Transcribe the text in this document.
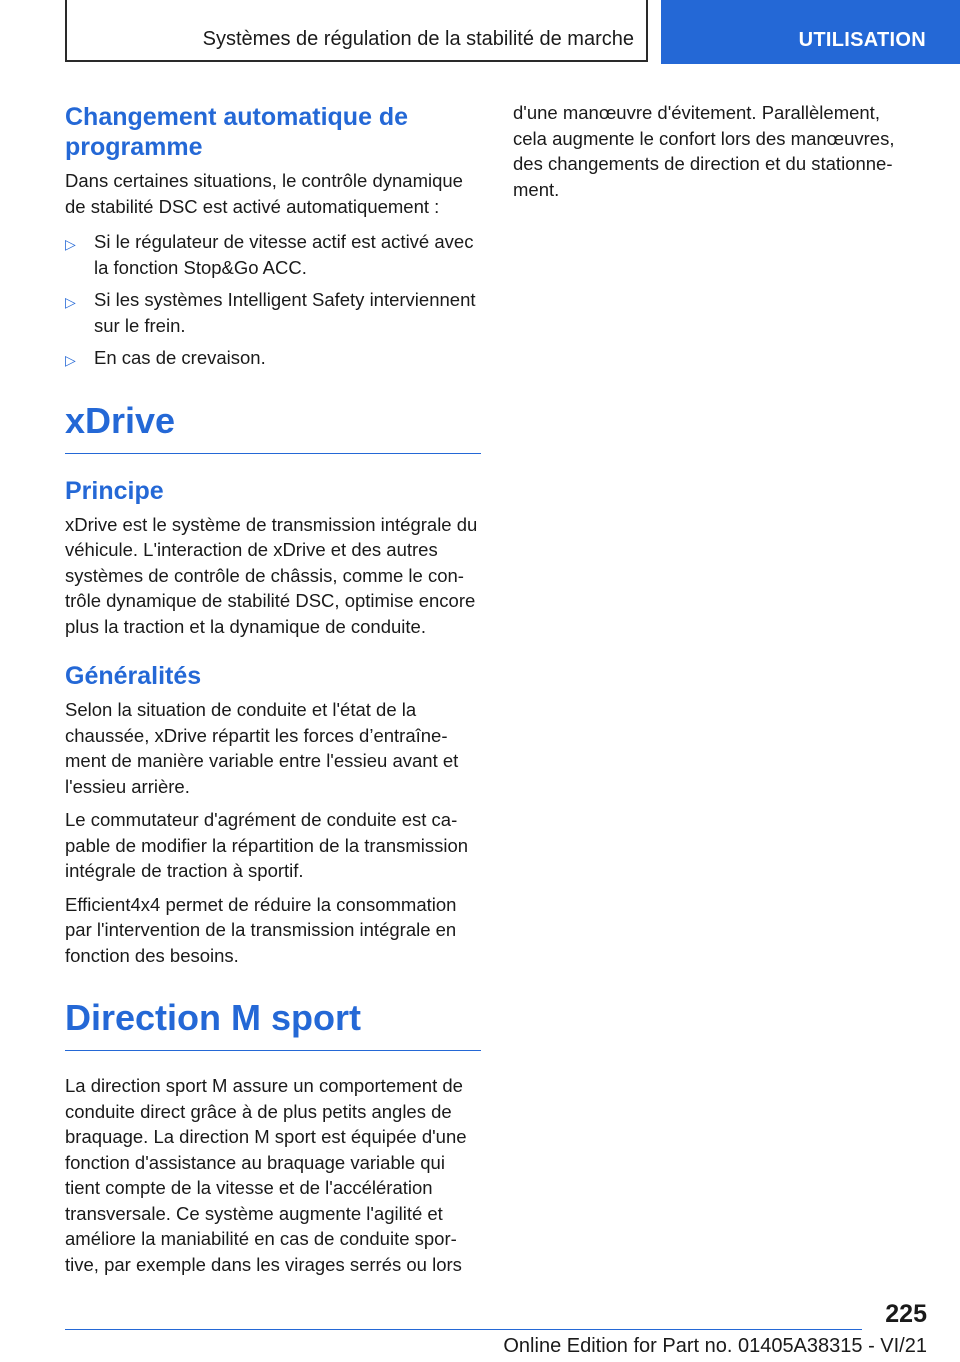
Systèmes de régulation de la stabilité de marche	UTILISATION
Changement automatique de programme

Dans certaines situations, le contrôle dynamique de stabilité DSC est activé automatiquement :

▷ Si le régulateur de vitesse actif est activé avec la fonction Stop&Go ACC.
▷ Si les systèmes Intelligent Safety interviennent sur le frein.
▷ En cas de crevaison.
xDrive
Principe

xDrive est le système de transmission intégrale du véhicule. L'interaction de xDrive et des autres systèmes de contrôle de châssis, comme le contrôle dynamique de stabilité DSC, optimise encore plus la traction et la dynamique de conduite.

Généralités

Selon la situation de conduite et l'état de la chaussée, xDrive répartit les forces d’entraînement de manière variable entre l'essieu avant et l'essieu arrière.

Le commutateur d'agrément de conduite est capable de modifier la répartition de la transmission intégrale de traction à sportif.

Efficient4x4 permet de réduire la consommation par l'intervention de la transmission intégrale en fonction des besoins.

Direction M sport

La direction sport M assure un comportement de conduite direct grâce à de plus petits angles de braquage. La direction M sport est équipée d'une fonction d'assistance au braquage variable qui tient compte de la vitesse et de l'accélération transversale. Ce système augmente l'agilité et améliore la maniabilité en cas de conduite sportive, par exemple dans les virages serrés ou lors

d'une manœuvre d'évitement. Parallèlement, cela augmente le confort lors des manœuvres, des changements de direction et du stationnement.

225
Online Edition for Part no. 01405A38315 - VI/21
